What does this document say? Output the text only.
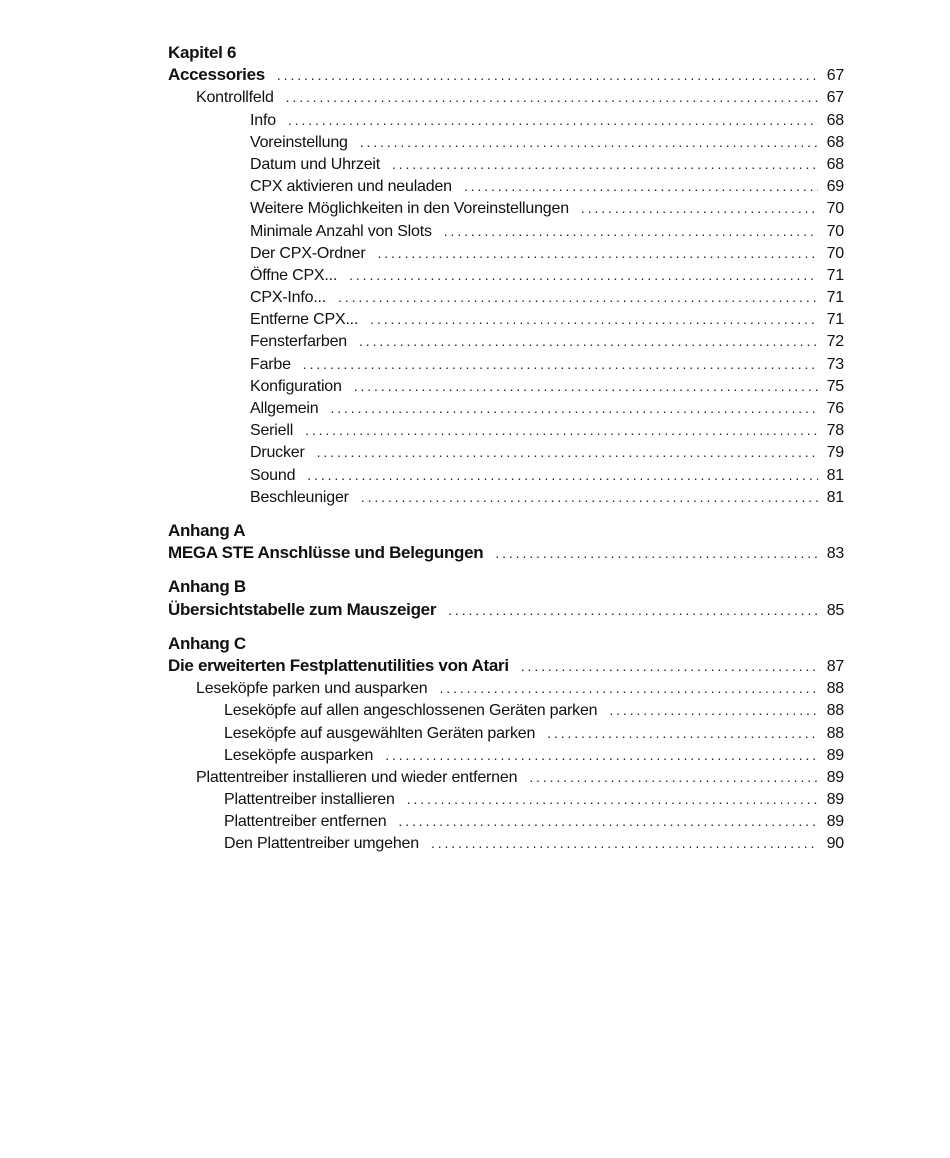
Kapitel 6
Accessories . . .	67
Kontrollfeld . . .	67
Info . . .	68
Voreinstellung . . .	68
Datum und Uhrzeit . . .	68
CPX aktivieren und neuladen . . .	69
Weitere Möglichkeiten in den Voreinstellungen . . .	70
Minimale Anzahl von Slots . . .	70
Der CPX-Ordner . . .	70
Öffne CPX... . . .	71
CPX-Info... . . .	71
Entferne CPX... . . .	71
Fensterfarben . . .	72
Farbe . . .	73
Konfiguration . . .	75
Allgemein . . .	76
Seriell . . .	78
Drucker . . .	79
Sound . . .	81
Beschleuniger . . .	81
Anhang A
MEGA STE Anschlüsse und Belegungen . . .	83
Anhang B
Übersichtstabelle zum Mauszeiger . . .	85
Anhang C
Die erweiterten Festplattenutilities von Atari . . .	87
Leseköpfe parken und ausparken . . .	88
Leseköpfe auf allen angeschlossenen Geräten parken . . .	88
Leseköpfe auf ausgewählten Geräten parken . . .	88
Leseköpfe ausparken . . .	89
Plattentreiber installieren und wieder entfernen . . .	89
Plattentreiber installieren . . .	89
Plattentreiber entfernen . . .	89
Den Plattentreiber umgehen . . .	90
